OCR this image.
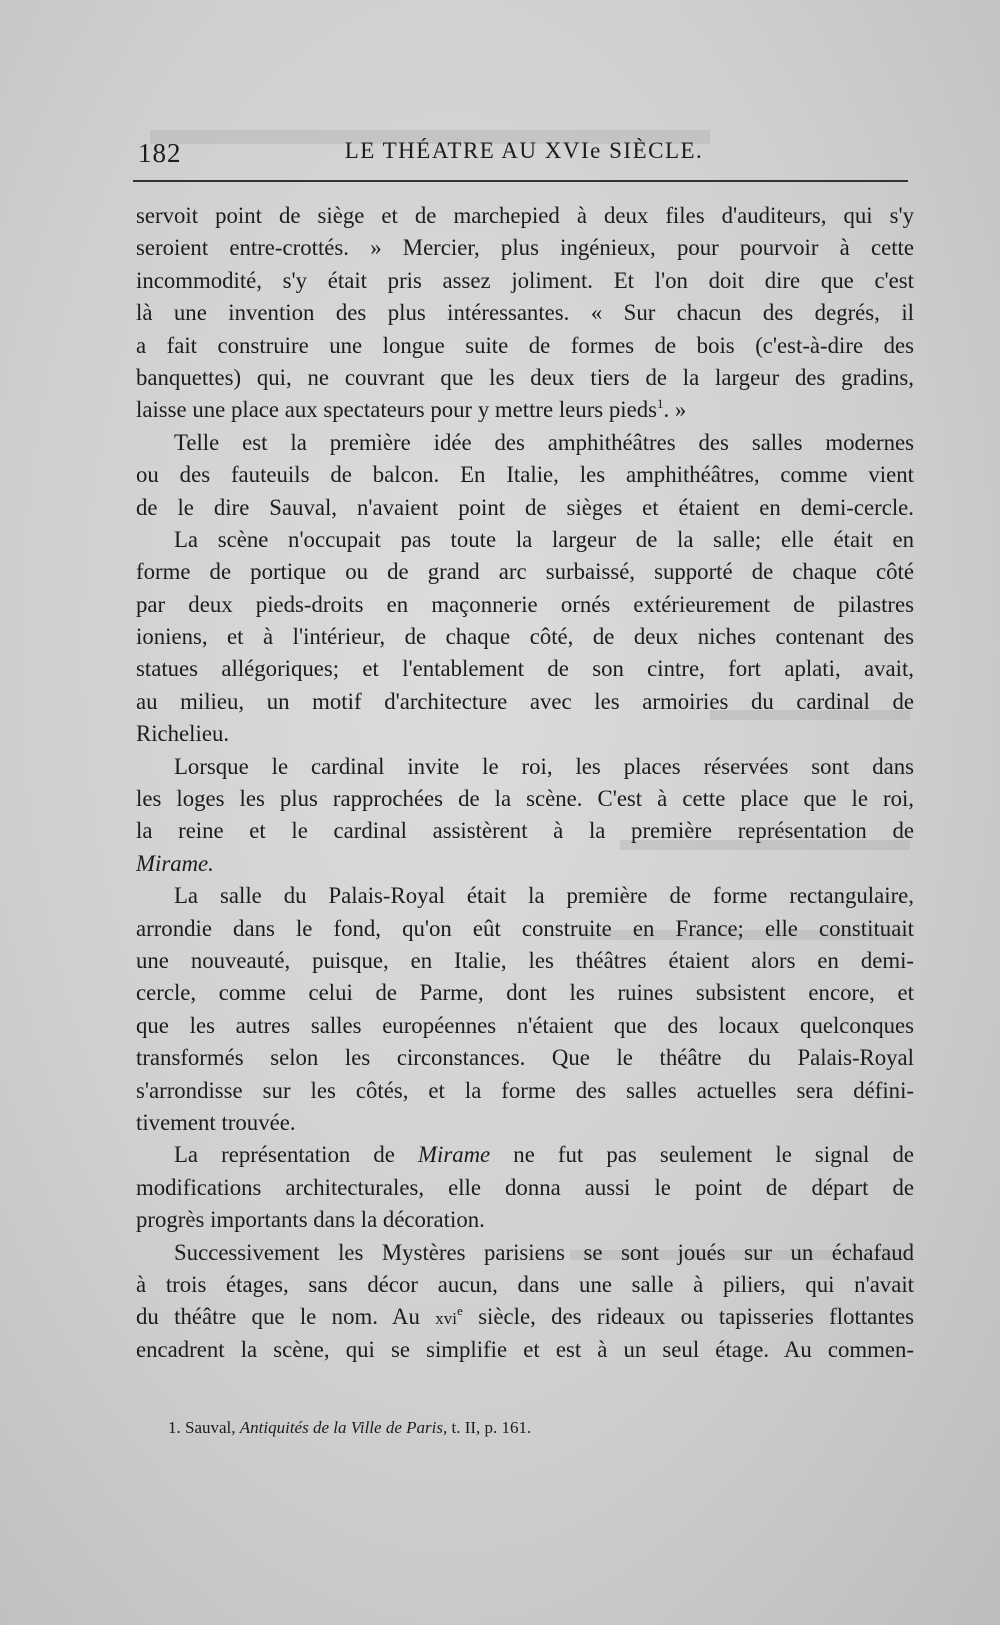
182	LE THÉATRE AU XVIe SIÈCLE.
servoit point de siège et de marchepied à deux files d'auditeurs, qui s'y
seroient entre-crottés. » Mercier, plus ingénieux, pour pourvoir à cette
incommodité, s'y était pris assez joliment. Et l'on doit dire que c'est
là une invention des plus intéressantes. « Sur chacun des degrés, il
a fait construire une longue suite de formes de bois (c'est-à-dire des
banquettes) qui, ne couvrant que les deux tiers de la largeur des gradins,
laisse une place aux spectateurs pour y mettre leurs pieds$^1$. »
Telle est la première idée des amphithéâtres des salles modernes
ou des fauteuils de balcon. En Italie, les amphithéâtres, comme vient
de le dire Sauval, n'avaient point de sièges et étaient en demi-cercle.
La scène n'occupait pas toute la largeur de la salle; elle était en
forme de portique ou de grand arc surbaissé, supporté de chaque côté
par deux pieds-droits en maçonnerie ornés extérieurement de pilastres
ioniens, et à l'intérieur, de chaque côté, de deux niches contenant des
statues allégoriques; et l'entablement de son cintre, fort aplati, avait,
au milieu, un motif d'architecture avec les armoiries du cardinal de
Richelieu.
Lorsque le cardinal invite le roi, les places réservées sont dans
les loges les plus rapprochées de la scène. C'est à cette place que le roi,
la reine et le cardinal assistèrent à la première représentation de
Mirame.
La salle du Palais-Royal était la première de forme rectangulaire,
arrondie dans le fond, qu'on eût construite en France; elle constituait
une nouveauté, puisque, en Italie, les théâtres étaient alors en demi-
cercle, comme celui de Parme, dont les ruines subsistent encore, et
que les autres salles européennes n'étaient que des locaux quelconques
transformés selon les circonstances. Que le théâtre du Palais-Royal
s'arrondisse sur les côtés, et la forme des salles actuelles sera défini-
tivement trouvée.
La représentation de Mirame ne fut pas seulement le signal de
modifications architecturales, elle donna aussi le point de départ de
progrès importants dans la décoration.
Successivement les Mystères parisiens se sont joués sur un échafaud
à trois étages, sans décor aucun, dans une salle à piliers, qui n'avait
du théâtre que le nom. Au xvi$^e$ siècle, des rideaux ou tapisseries flottantes
encadrent la scène, qui se simplifie et est à un seul étage. Au commen-
1. Sauval, Antiquités de la Ville de Paris, t. II, p. 161.
